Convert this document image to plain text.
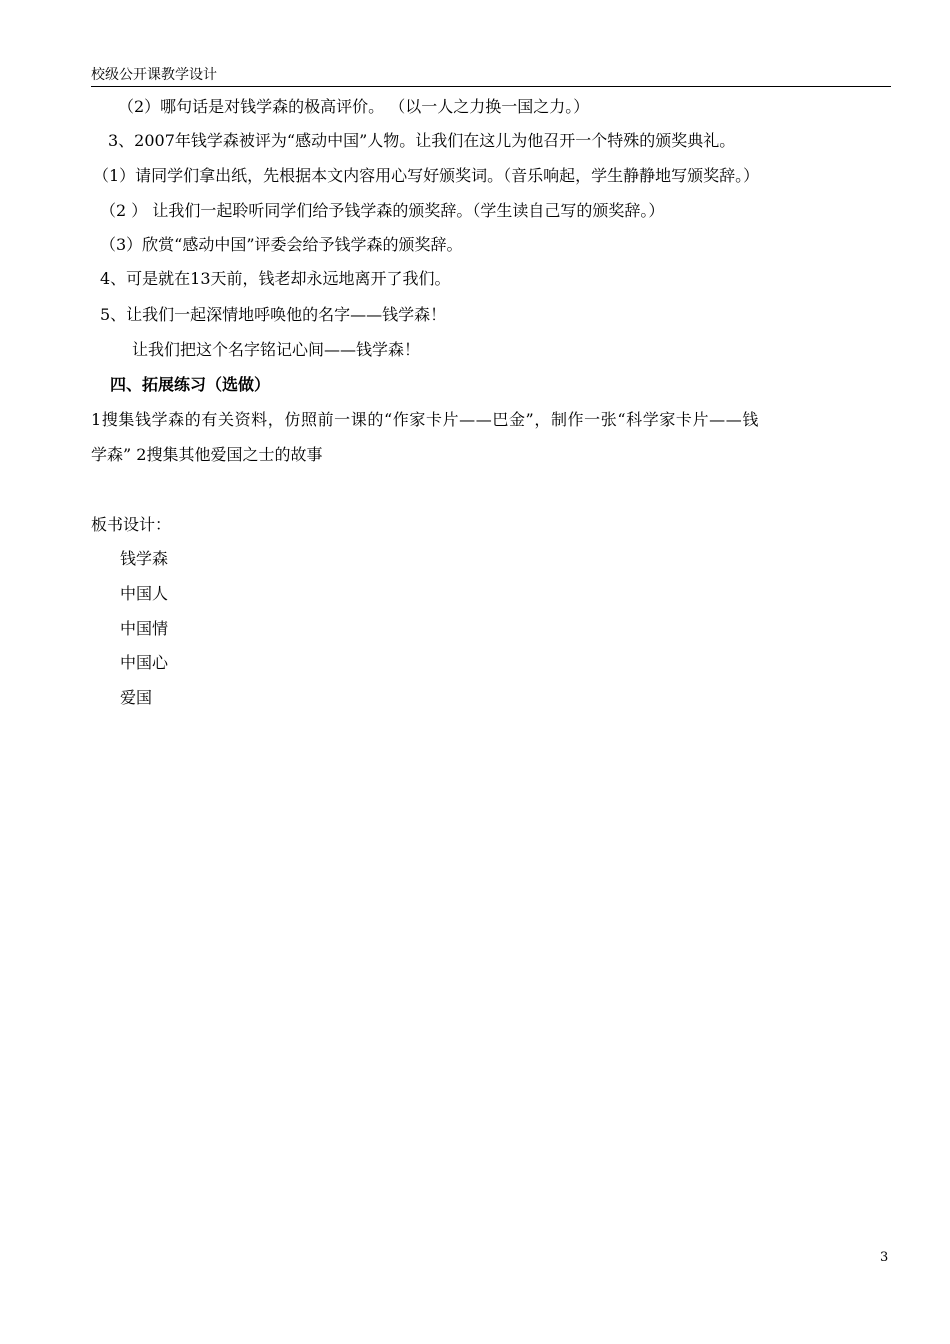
校级公开课教学设计
（2）哪句话是对钱学森的极高评价。 （以一人之力换一国之力。）
3、2007年钱学森被评为“感动中国”人物。让我们在这儿为他召开一个特殊的颁奖典礼。
（1）请同学们拿出纸，先根据本文内容用心写好颁奖词。（音乐响起，学生静静地写颁奖辞。）
（2 ） 让我们一起聆听同学们给予钱学森的颁奖辞。（学生读自己写的颁奖辞。）
（3）欣赏“感动中国”评委会给予钱学森的颁奖辞。
4、可是就在13天前，钱老却永远地离开了我们。
5、让我们一起深情地呼唤他的名字——钱学森！
让我们把这个名字铭记心间——钱学森！
四、拓展练习（选做）
1搜集钱学森的有关资料，仿照前一课的“作家卡片——巴金”，制作一张“科学家卡片——钱
学森” 2搜集其他爱国之士的故事
板书设计：
钱学森
中国人
中国情
中国心
爱国
3
